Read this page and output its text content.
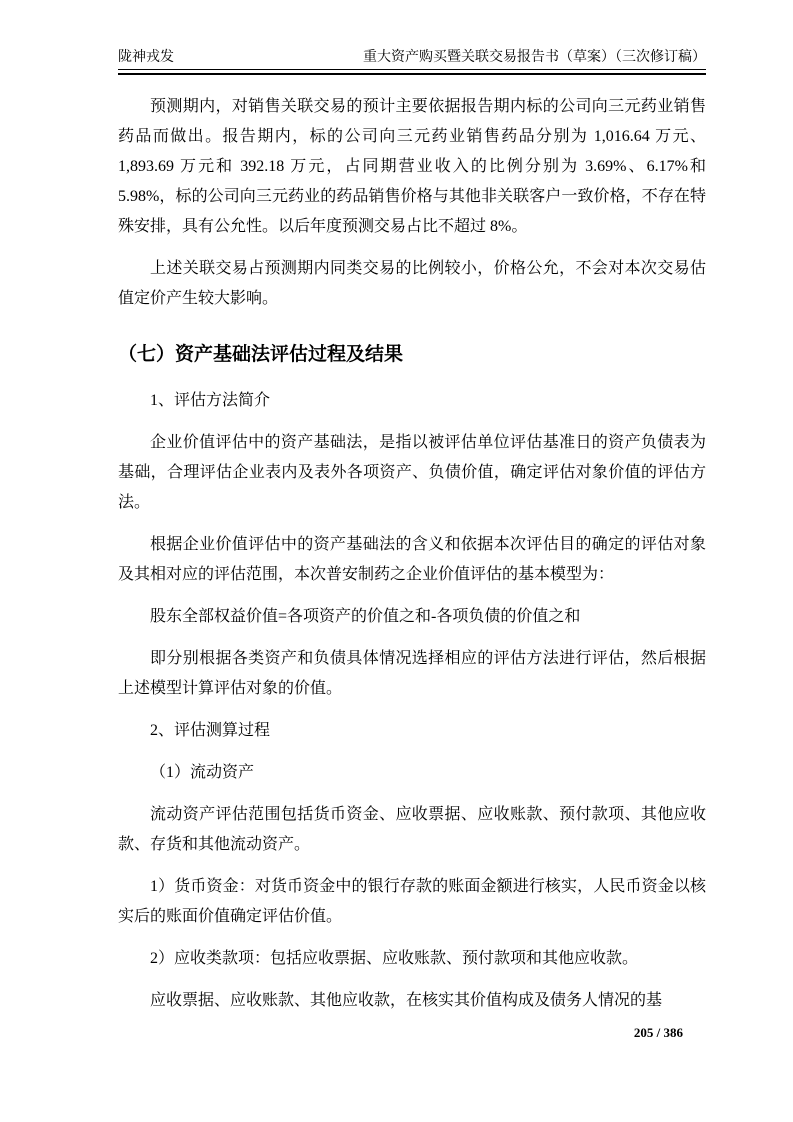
陇神戎发	重大资产购买暨关联交易报告书（草案）（三次修订稿）

预测期内，对销售关联交易的预计主要依据报告期内标的公司向三元药业销售药品而做出。报告期内，标的公司向三元药业销售药品分别为 1,016.64 万元、1,893.69 万元和 392.18 万元，占同期营业收入的比例分别为 3.69%、6.17%和 5.98%，标的公司向三元药业的药品销售价格与其他非关联客户一致价格，不存在特殊安排，具有公允性。以后年度预测交易占比不超过 8%。

上述关联交易占预测期内同类交易的比例较小，价格公允，不会对本次交易估值定价产生较大影响。

（七）资产基础法评估过程及结果

1、评估方法简介

企业价值评估中的资产基础法，是指以被评估单位评估基准日的资产负债表为基础，合理评估企业表内及表外各项资产、负债价值，确定评估对象价值的评估方法。

根据企业价值评估中的资产基础法的含义和依据本次评估目的确定的评估对象及其相对应的评估范围，本次普安制药之企业价值评估的基本模型为：

股东全部权益价值=各项资产的价值之和-各项负债的价值之和

即分别根据各类资产和负债具体情况选择相应的评估方法进行评估，然后根据上述模型计算评估对象的价值。

2、评估测算过程

（1）流动资产

流动资产评估范围包括货币资金、应收票据、应收账款、预付款项、其他应收款、存货和其他流动资产。

1）货币资金：对货币资金中的银行存款的账面金额进行核实，人民币资金以核实后的账面价值确定评估价值。

2）应收类款项：包括应收票据、应收账款、预付款项和其他应收款。

应收票据、应收账款、其他应收款，在核实其价值构成及债务人情况的基

205 / 386
